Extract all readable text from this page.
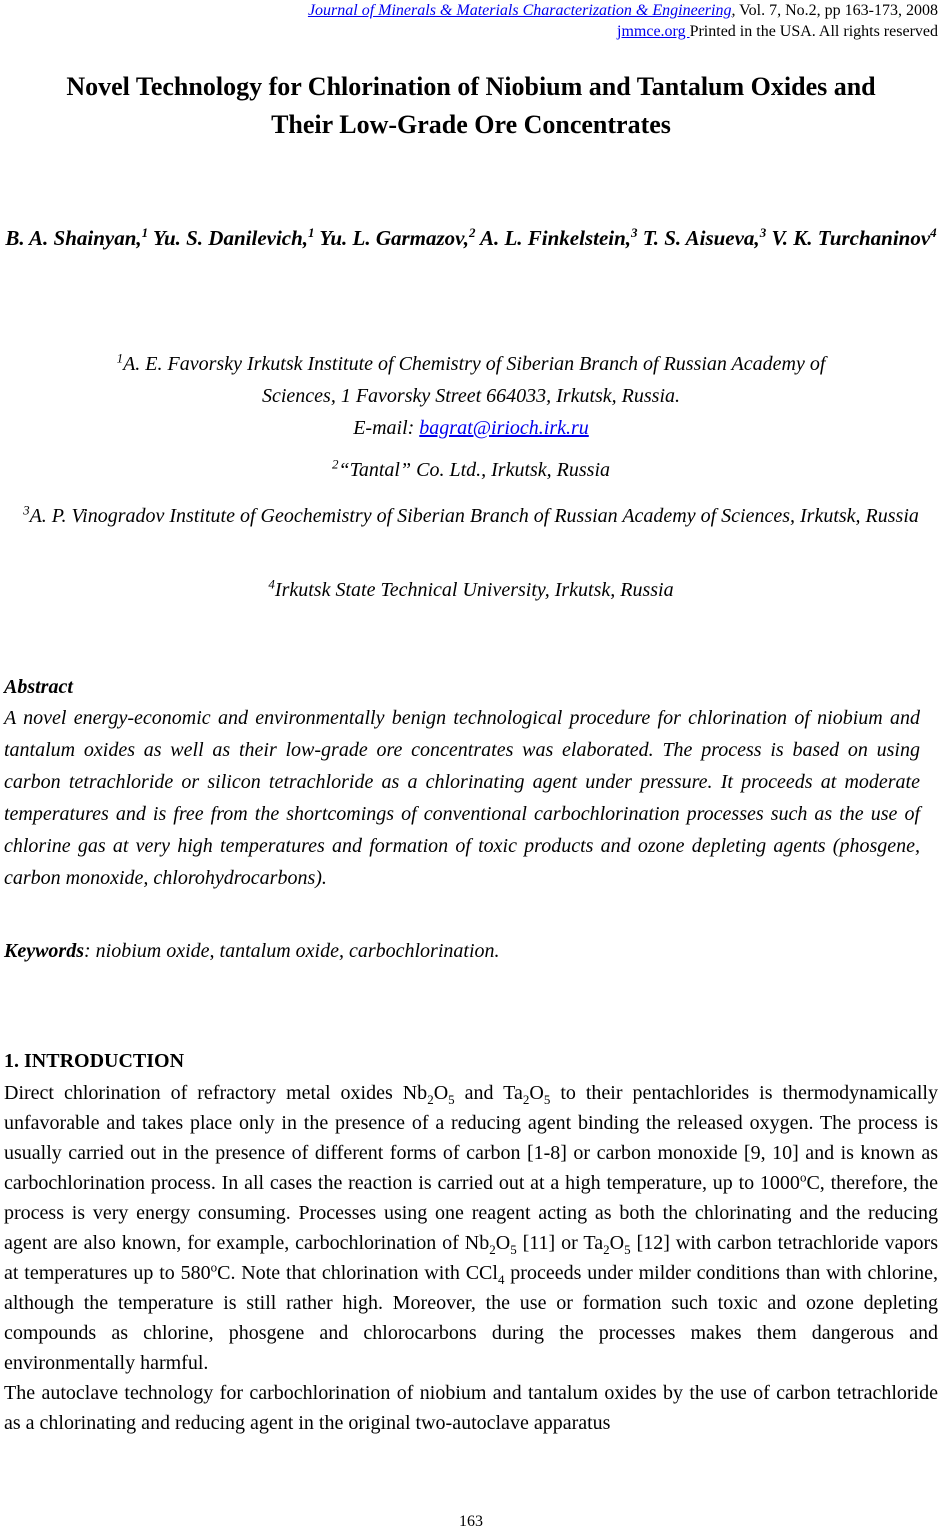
Journal of Minerals & Materials Characterization & Engineering, Vol. 7, No.2, pp 163-173, 2008
jmmce.org Printed in the USA. All rights reserved
Novel Technology for Chlorination of Niobium and Tantalum Oxides and
Their Low-Grade Ore Concentrates
B. A. Shainyan,$^1$ Yu. S. Danilevich,$^1$ Yu. L. Garmazov,$^2$ A. L. Finkelstein,$^3$ T. S. Aisueva,$^3$ V. K. Turchaninov$^4$
$^1$A. E. Favorsky Irkutsk Institute of Chemistry of Siberian Branch of Russian Academy of
Sciences, 1 Favorsky Street 664033, Irkutsk, Russia.
E-mail: bagrat@irioch.irk.ru
$^2$“Tantal” Co. Ltd., Irkutsk, Russia
$^3$A. P. Vinogradov Institute of Geochemistry of Siberian Branch of Russian Academy of Sciences, Irkutsk, Russia
$^4$Irkutsk State Technical University, Irkutsk, Russia
Abstract
A novel energy-economic and environmentally benign technological procedure for chlorination of niobium and tantalum oxides as well as their low-grade ore concentrates was elaborated. The process is based on using carbon tetrachloride or silicon tetrachloride as a chlorinating agent under pressure. It proceeds at moderate temperatures and is free from the shortcomings of conventional carbochlorination processes such as the use of chlorine gas at very high temperatures and formation of toxic products and ozone depleting agents (phosgene, carbon monoxide, chlorohydrocarbons).
Keywords: niobium oxide, tantalum oxide, carbochlorination.
1. INTRODUCTION

Direct chlorination of refractory metal oxides $Nb_2O_5$ and $Ta_2O_5$ to their pentachlorides is thermodynamically unfavorable and takes place only in the presence of a reducing agent binding the released oxygen. The process is usually carried out in the presence of different forms of carbon [1-8] or carbon monoxide [9, 10] and is known as carbochlorination process. In all cases the reaction is carried out at a high temperature, up to 1000$^o$C, therefore, the process is very energy consuming. Processes using one reagent acting as both the chlorinating and the reducing agent are also known, for example, carbochlorination of $Nb_2O_5$ [11] or $Ta_2O_5$ [12] with carbon tetrachloride vapors at temperatures up to 580$^o$C. Note that chlorination with CCl$_4$ proceeds under milder conditions than with chlorine, although the temperature is still rather high. Moreover, the use or formation such toxic and ozone depleting compounds as chlorine, phosgene and chlorocarbons during the processes makes them dangerous and environmentally harmful.

The autoclave technology for carbochlorination of niobium and tantalum oxides by the use of carbon tetrachloride as a chlorinating and reducing agent in the original two-autoclave apparatus

163
